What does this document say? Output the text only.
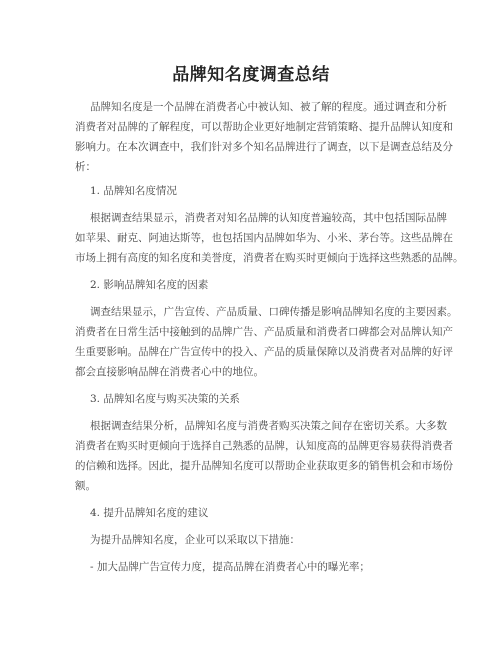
品牌知名度调查总结
品牌知名度是一个品牌在消费者心中被认知、被了解的程度。通过调查和分析
消费者对品牌的了解程度，可以帮助企业更好地制定营销策略、提升品牌认知度和
影响力。在本次调查中，我们针对多个知名品牌进行了调查，以下是调查总结及分
析：
1. 品牌知名度情况
根据调查结果显示，消费者对知名品牌的认知度普遍较高，其中包括国际品牌
如苹果、耐克、阿迪达斯等，也包括国内品牌如华为、小米、茅台等。这些品牌在
市场上拥有高度的知名度和美誉度，消费者在购买时更倾向于选择这些熟悉的品牌。
2. 影响品牌知名度的因素
调查结果显示，广告宣传、产品质量、口碑传播是影响品牌知名度的主要因素。
消费者在日常生活中接触到的品牌广告、产品质量和消费者口碑都会对品牌认知产
生重要影响。品牌在广告宣传中的投入、产品的质量保障以及消费者对品牌的好评
都会直接影响品牌在消费者心中的地位。
3. 品牌知名度与购买决策的关系
根据调查结果分析，品牌知名度与消费者购买决策之间存在密切关系。大多数
消费者在购买时更倾向于选择自己熟悉的品牌，认知度高的品牌更容易获得消费者
的信赖和选择。因此，提升品牌知名度可以帮助企业获取更多的销售机会和市场份
额。
4. 提升品牌知名度的建议
为提升品牌知名度，企业可以采取以下措施：
- 加大品牌广告宣传力度，提高品牌在消费者心中的曝光率；
